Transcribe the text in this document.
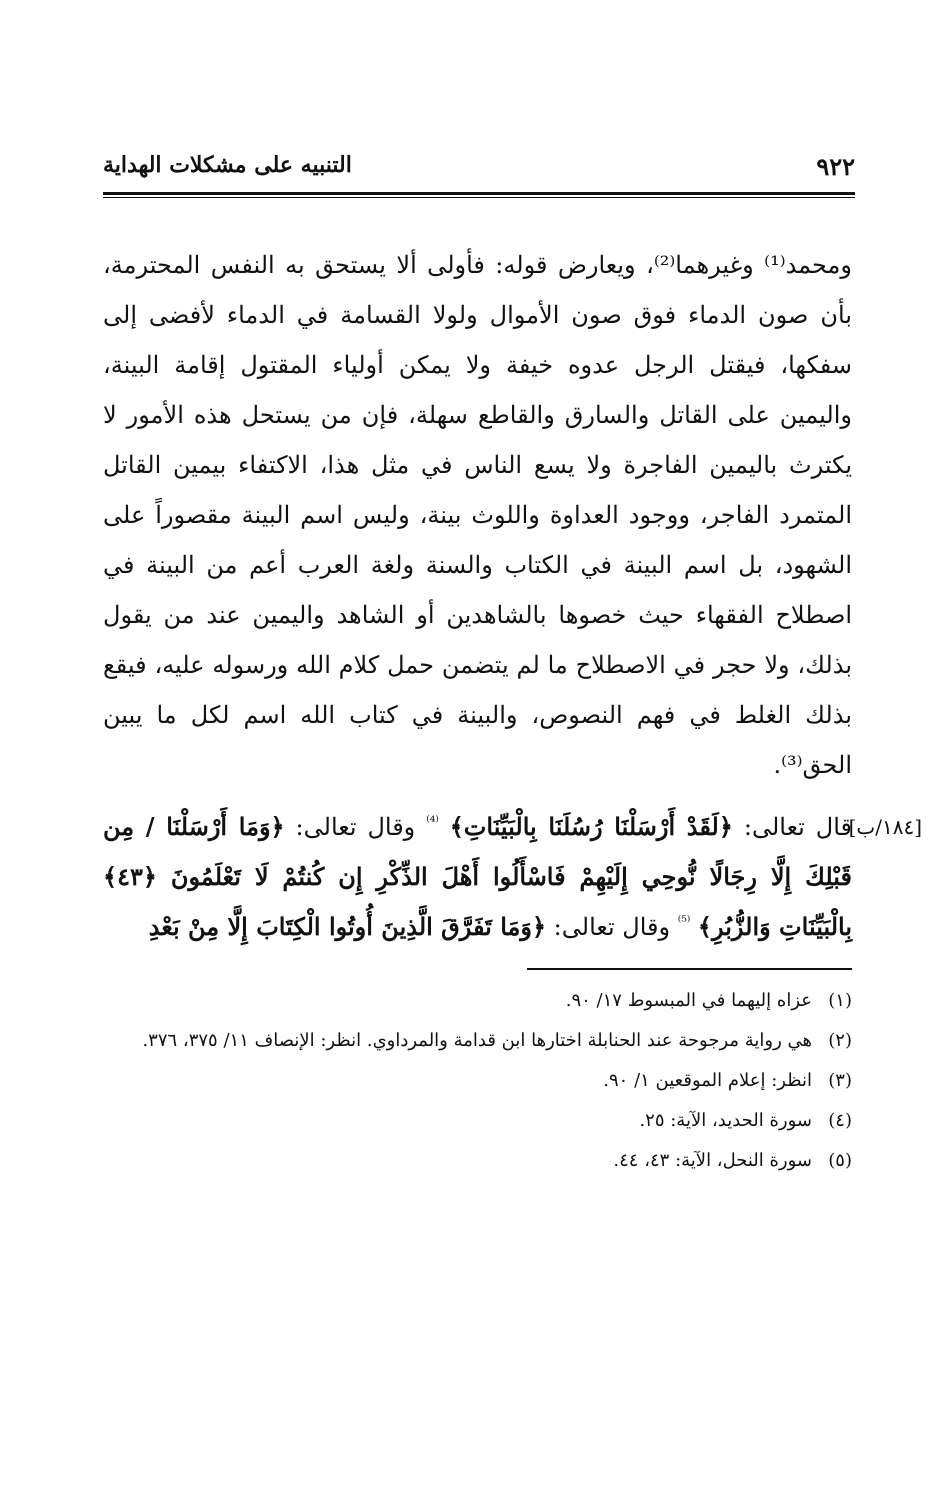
٩٢٢
التنبيه على مشكلات الهداية

ومحمد⁽¹⁾ وغيرهما⁽²⁾، ويعارض قوله: فأولى ألا يستحق به النفس المحترمة، بأن صون الدماء فوق صون الأموال ولولا القسامة في الدماء لأفضى إلى سفكها، فيقتل الرجل عدوه خيفة ولا يمكن أولياء المقتول إقامة البينة، واليمين على القاتل والسارق والقاطع سهلة، فإن من يستحل هذه الأمور لا يكترث باليمين الفاجرة ولا يسع الناس في مثل هذا، الاكتفاء بيمين القاتل المتمرد الفاجر، ووجود العداوة واللوث بينة، وليس اسم البينة مقصوراً على الشهود، بل اسم البينة في الكتاب والسنة ولغة العرب أعم من البينة في اصطلاح الفقهاء حيث خصوها بالشاهدين أو الشاهد واليمين عند من يقول بذلك، ولا حجر في الاصطلاح ما لم يتضمن حمل كلام الله ورسوله عليه، فيقع بذلك الغلط في فهم النصوص، والبينة في كتاب الله اسم لكل ما يبين الحق⁽³⁾.

[١٨٤/ب]
قال تعالى: ﴿لَقَدْ أَرْسَلْنَا رُسُلَنَا بِالْبَيِّنَاتِ﴾ $^{^{(4)}}$ وقال تعالى: ﴿وَمَا أَرْسَلْنَا / مِن قَبْلِكَ إِلَّا رِجَالًا نُّوحِي إِلَيْهِمْ فَاسْأَلُوا أَهْلَ الذِّكْرِ إِن كُنتُمْ لَا تَعْلَمُونَ ﴿٤٣﴾ بِالْبَيِّنَاتِ وَالزُّبُرِ﴾ $^{^{(5)}}$ وقال تعالى: ﴿وَمَا تَفَرَّقَ الَّذِينَ أُوتُوا الْكِتَابَ إِلَّا مِنْ بَعْدِ

(١)
عزاه إليهما في المبسوط ١٧/ ٩٠.

(٢)
هي رواية مرجوحة عند الحنابلة اختارها ابن قدامة والمرداوي. انظر: الإنصاف ١١/ ٣٧٥، ٣٧٦.

(٣)
انظر: إعلام الموقعين ١/ ٩٠.

(٤)
سورة الحديد، الآية: ٢٥.

(٥)
سورة النحل، الآية: ٤٣، ٤٤.
